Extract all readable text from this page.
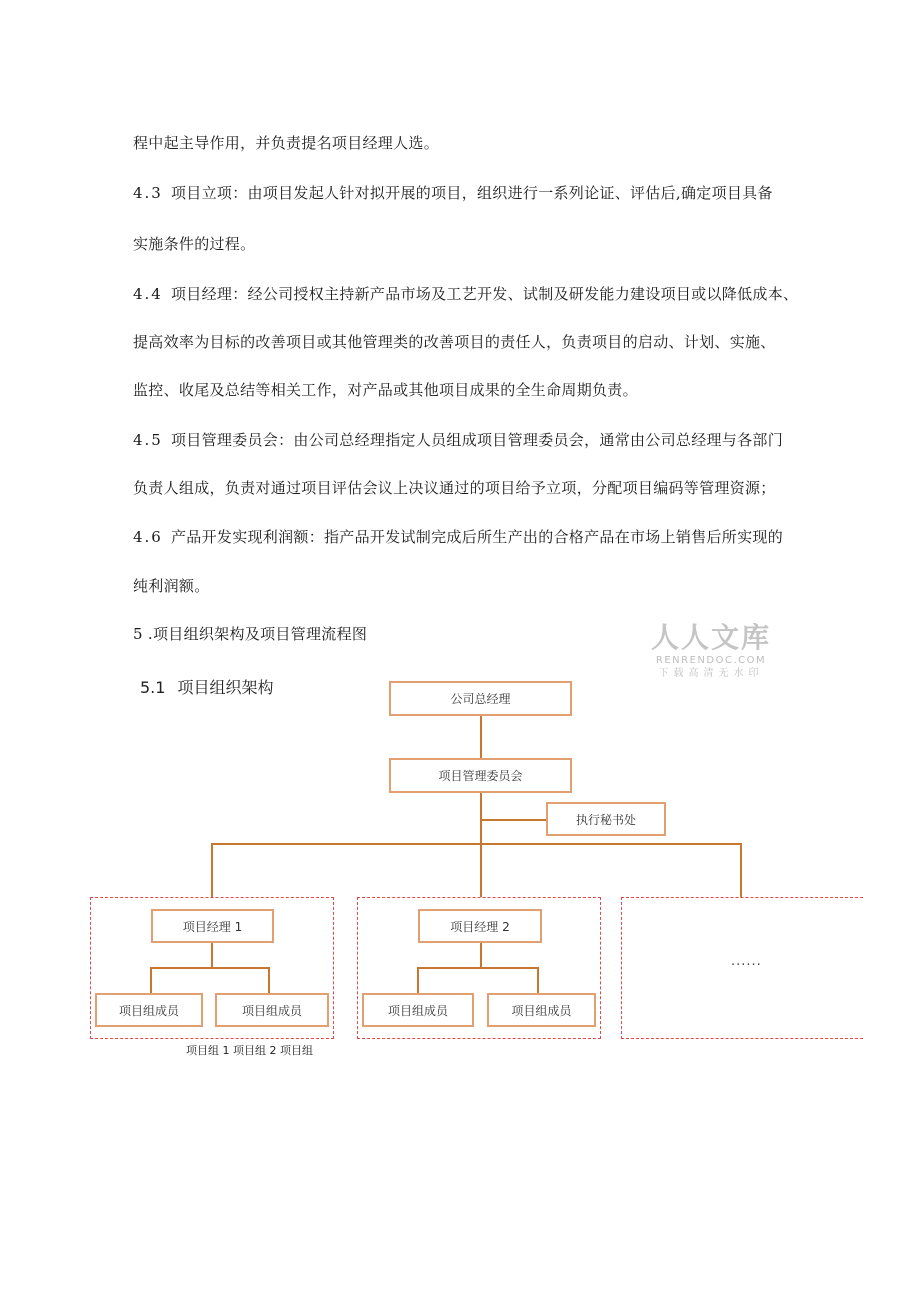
程中起主导作用，并负责提名项目经理人选。
4.3 项目立项：由项目发起人针对拟开展的项目，组织进行一系列论证、评估后,确定项目具备
实施条件的过程。
4.4 项目经理：经公司授权主持新产品市场及工艺开发、试制及研发能力建设项目或以降低成本、
提高效率为目标的改善项目或其他管理类的改善项目的责任人，负责项目的启动、计划、实施、
监控、收尾及总结等相关工作，对产品或其他项目成果的全生命周期负责。
4.5 项目管理委员会：由公司总经理指定人员组成项目管理委员会，通常由公司总经理与各部门
负责人组成，负责对通过项目评估会议上决议通过的项目给予立项，分配项目编码等管理资源；
4.6 产品开发实现利润额：指产品开发试制完成后所生产出的合格产品在市场上销售后所实现的
纯利润额。
5 .项目组织架构及项目管理流程图
5.1 项目组织架构
人人文库
RENRENDOC.COM
下载高清无水印
公司总经理
项目管理委员会
执行秘书处
项目经理 1
项目组成员	项目组成员
项目经理 2
项目组成员	项目组成员
......
项目组 1 项目组 2 项目组
